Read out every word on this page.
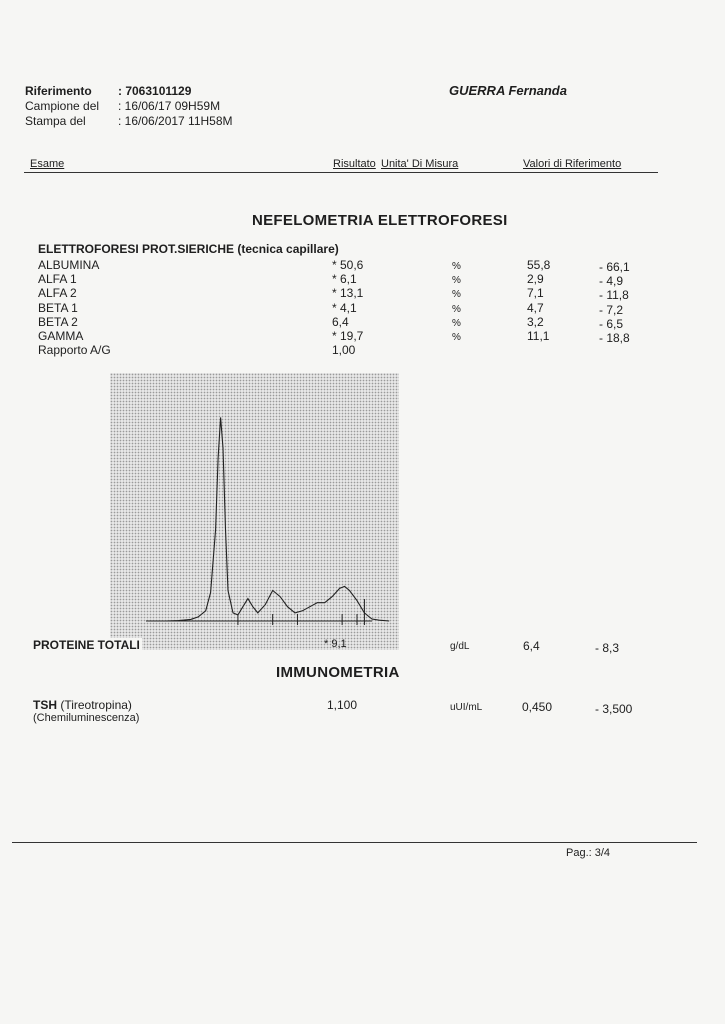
Riferimento : 7063101129
Campione del : 16/06/17 09H59M
Stampa del	: 16/06/2017 11H58M
GUERRA Fernanda
Esame	Risultato Unita' Di Misura	Valori di Riferimento
NEFELOMETRIA ELETTROFORESI
ELETTROFORESI PROT.SIERICHE (tecnica capillare)
ALBUMINA	* 50,6	%	55,8	- 66,1
ALFA 1	* 6,1	%	2,9	- 4,9
ALFA 2	* 13,1	%	7,1	- 11,8
BETA 1	* 4,1	%	4,7	- 7,2
BETA 2	6,4	%	3,2	- 6,5
GAMMA	* 19,7	%	11,1	- 18,8
Rapporto A/G	1,00
PROTEINE TOTALI	* 9,1	g/dL	6,4	- 8,3
IMMUNOMETRIA
TSH (Tireotropina)
(Chemiluminescenza)
1,100	uUI/mL	0,450	- 3,500
Pag.: 3/4
